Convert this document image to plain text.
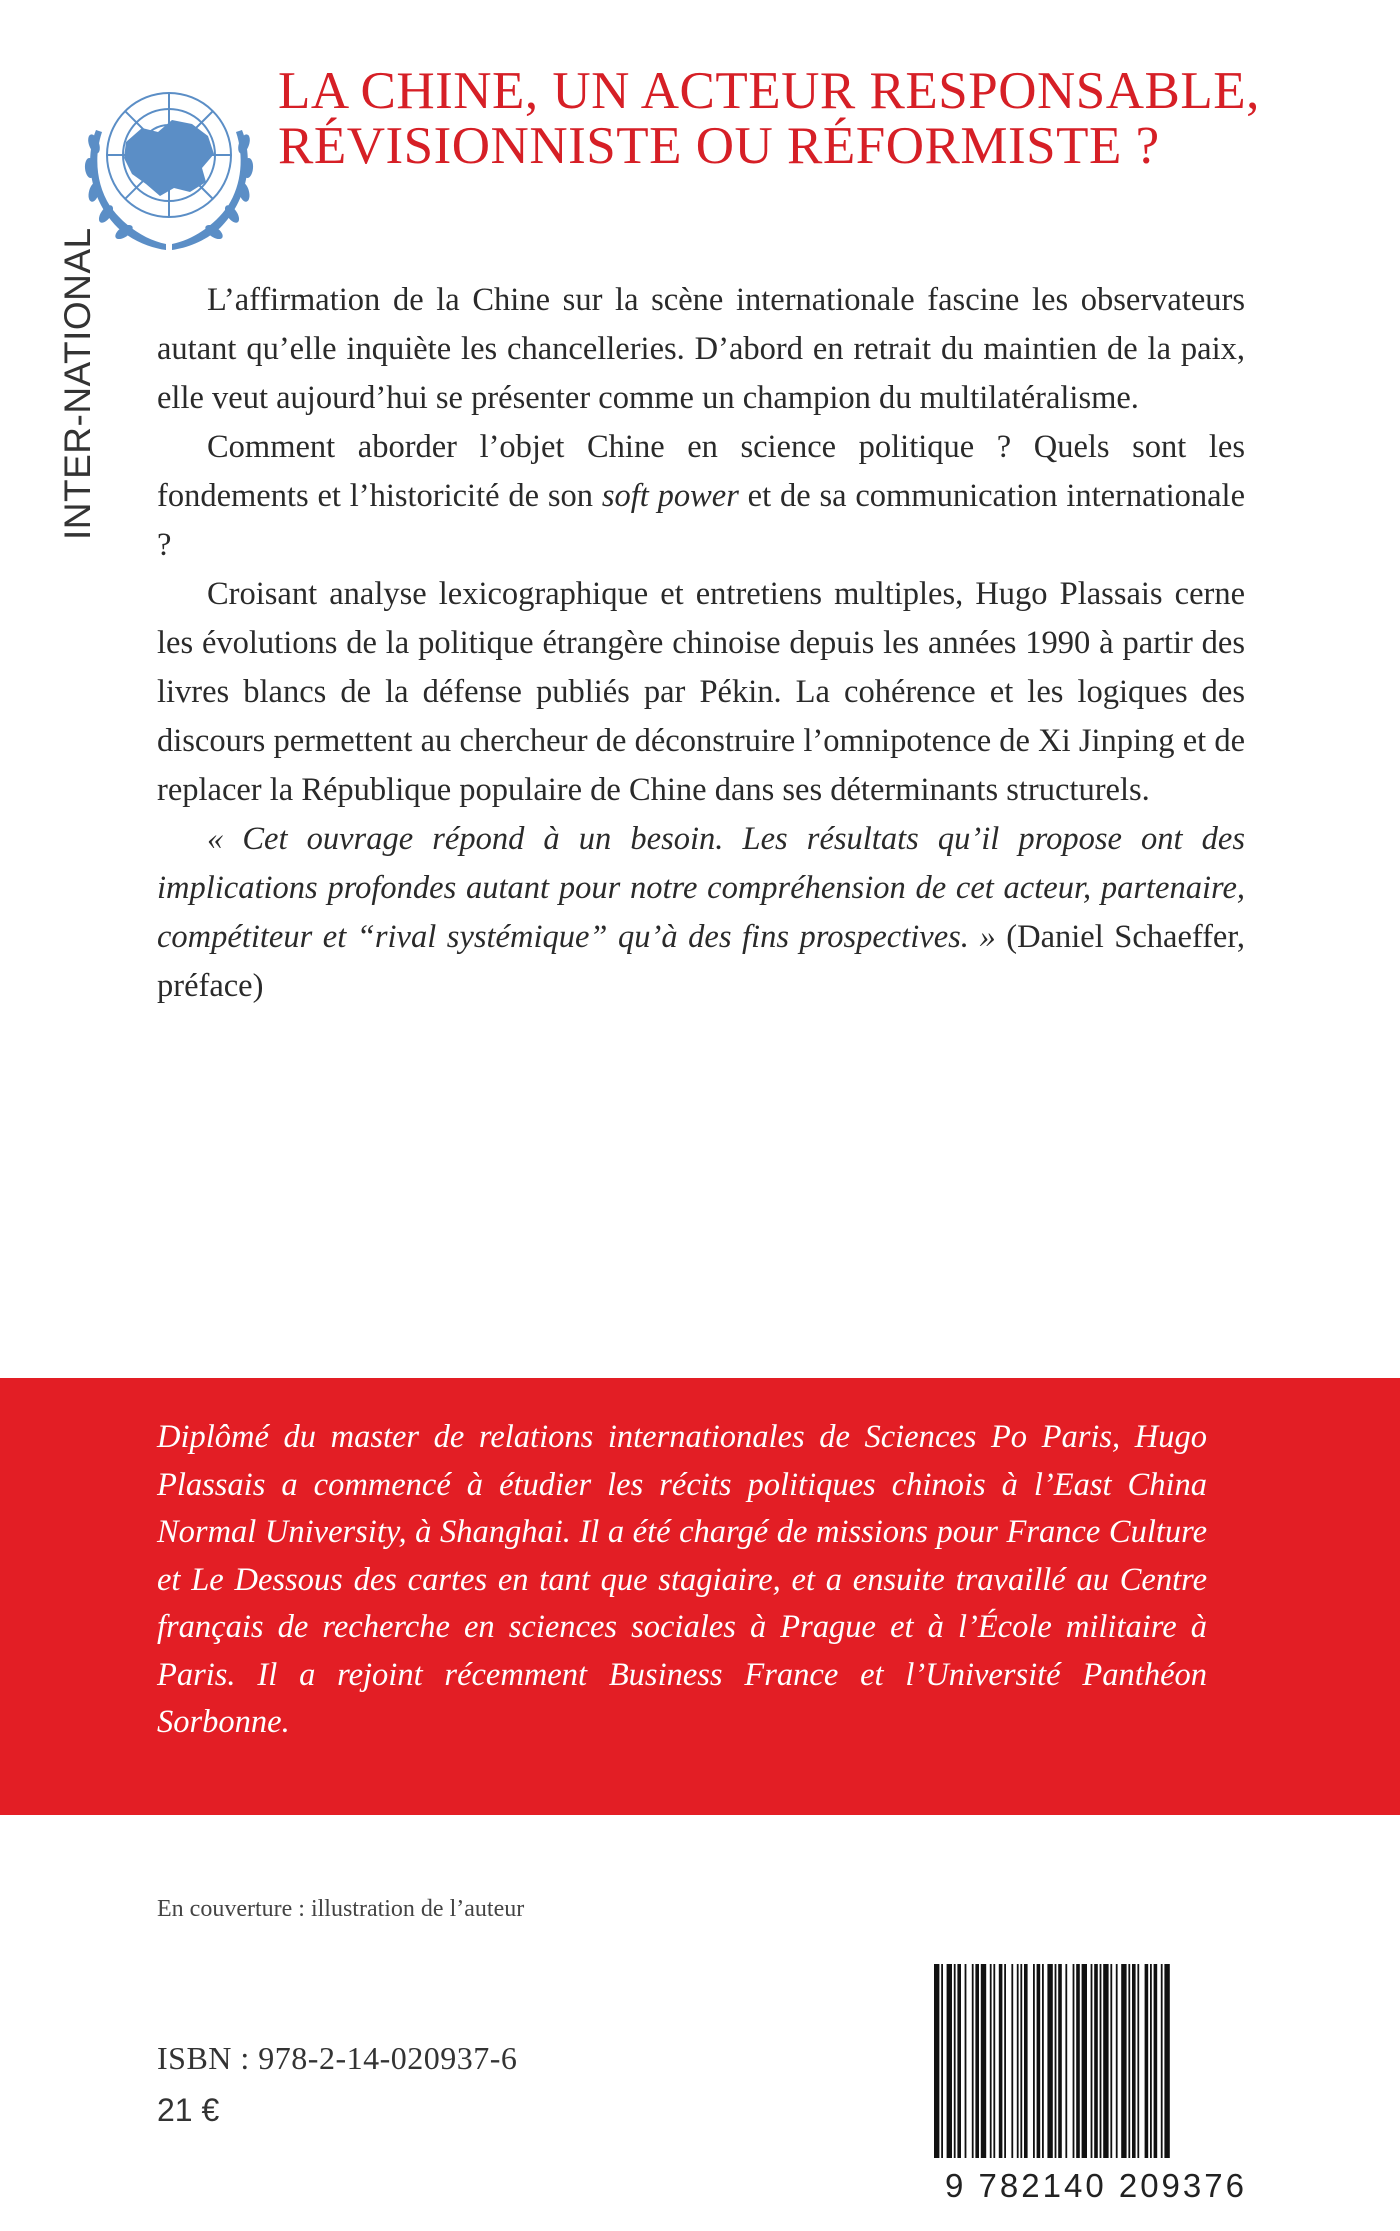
LA CHINE, UN ACTEUR RESPONSABLE,
RÉVISIONNISTE OU RÉFORMISTE ?
INTER-NATIONAL	L’affirmation de la Chine sur la scène internationale fascine les observateurs autant qu’elle inquiète les chancelleries. D’abord en retrait du maintien de la paix, elle veut aujourd’hui se présenter comme un champion du multilatéralisme.

Comment aborder l’objet Chine en science politique ? Quels sont les fondements et l’historicité de son soft power et de sa communication internationale ?

Croisant analyse lexicographique et entretiens multiples, Hugo Plassais cerne les évolutions de la politique étrangère chinoise depuis les années 1990 à partir des livres blancs de la défense publiés par Pékin. La cohérence et les logiques des discours permettent au chercheur de déconstruire l’omnipotence de Xi Jinping et de replacer la République populaire de Chine dans ses déterminants structurels.

« Cet ouvrage répond à un besoin. Les résultats qu’il propose ont des implications profondes autant pour notre compréhension de cet acteur, partenaire, compétiteur et “rival systémique” qu’à des fins prospectives. » (Daniel Schaeffer, préface)

Diplômé du master de relations internationales de Sciences Po Paris, Hugo Plassais a commencé à étudier les récits politiques chinois à l’East China Normal University, à Shanghai. Il a été chargé de missions pour France Culture et Le Dessous des cartes en tant que stagiaire, et a ensuite travaillé au Centre français de recherche en sciences sociales à Prague et à l’École militaire à Paris. Il a rejoint récemment Business France et l’Université Panthéon Sorbonne.

En couverture : illustration de l’auteur

ISBN : 978-2-14-020937-6

21 €

9 782140 209376
